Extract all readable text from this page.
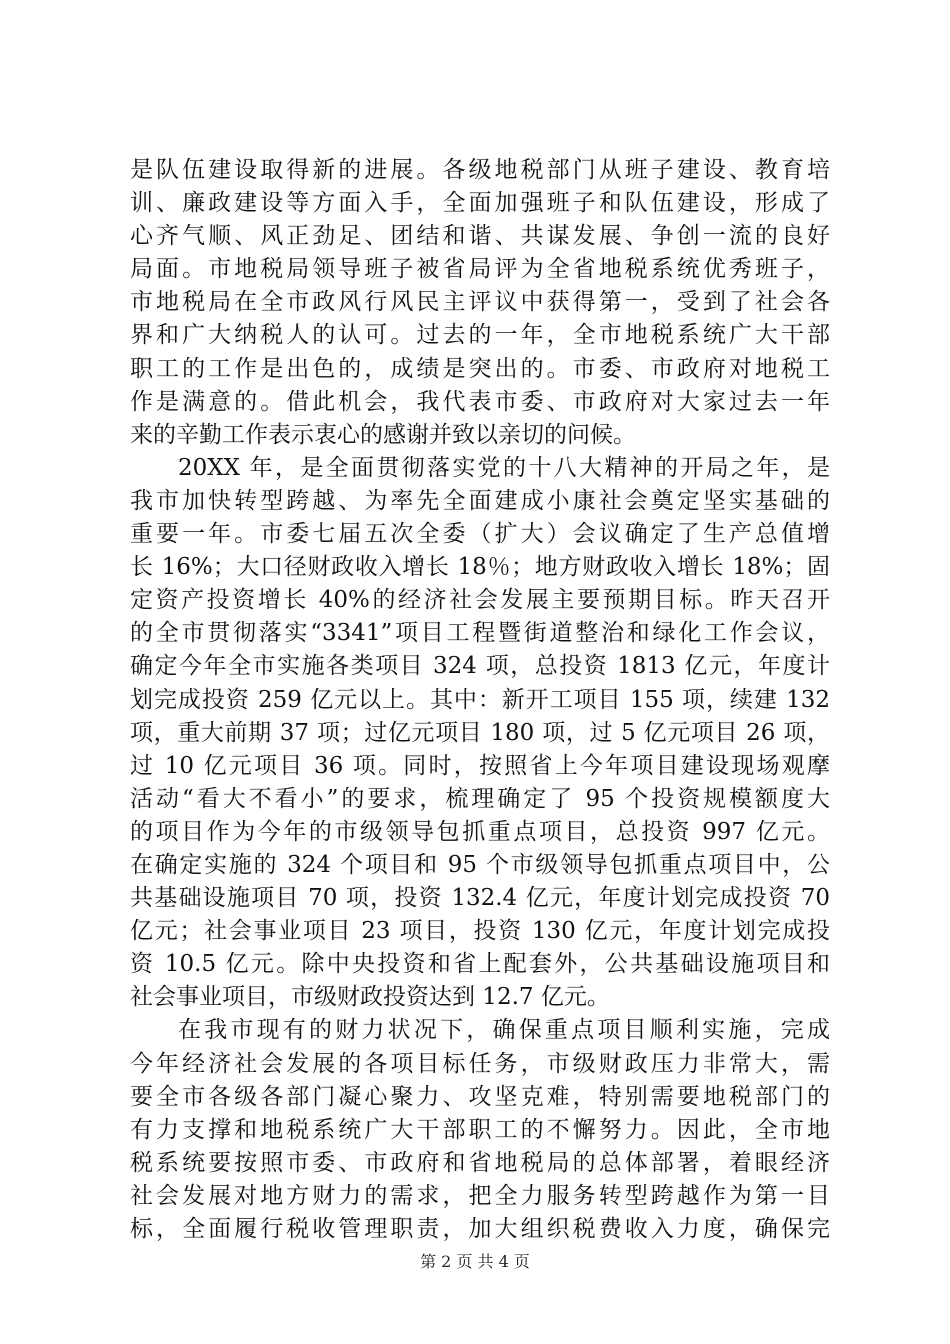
是队伍建设取得新的进展。各级地税部门从班子建设、教育培
训、廉政建设等方面入手，全面加强班子和队伍建设，形成了
心齐气顺、风正劲足、团结和谐、共谋发展、争创一流的良好
局面。市地税局领导班子被省局评为全省地税系统优秀班子，
市地税局在全市政风行风民主评议中获得第一，受到了社会各
界和广大纳税人的认可。过去的一年，全市地税系统广大干部
职工的工作是出色的，成绩是突出的。市委、市政府对地税工
作是满意的。借此机会，我代表市委、市政府对大家过去一年
来的辛勤工作表示衷心的感谢并致以亲切的问候。
20XX 年，是全面贯彻落实党的十八大精神的开局之年，是
我市加快转型跨越、为率先全面建成小康社会奠定坚实基础的
重要一年。市委七届五次全委（扩大）会议确定了生产总值增
长 16%；大口径财政收入增长 18％；地方财政收入增长 18%；固
定资产投资增长 40%的经济社会发展主要预期目标。昨天召开
的全市贯彻落实“3341”项目工程暨街道整治和绿化工作会议，
确定今年全市实施各类项目 324 项，总投资 1813 亿元，年度计
划完成投资 259 亿元以上。其中：新开工项目 155 项，续建 132
项，重大前期 37 项；过亿元项目 180 项，过 5 亿元项目 26 项，
过 10 亿元项目 36 项。同时，按照省上今年项目建设现场观摩
活动“看大不看小”的要求，梳理确定了 95 个投资规模额度大
的项目作为今年的市级领导包抓重点项目，总投资 997 亿元。
在确定实施的 324 个项目和 95 个市级领导包抓重点项目中，公
共基础设施项目 70 项，投资 132.4 亿元，年度计划完成投资 70
亿元；社会事业项目 23 项目，投资 130 亿元，年度计划完成投
资 10.5 亿元。除中央投资和省上配套外，公共基础设施项目和
社会事业项目，市级财政投资达到 12.7 亿元。
在我市现有的财力状况下，确保重点项目顺利实施，完成
今年经济社会发展的各项目标任务，市级财政压力非常大，需
要全市各级各部门凝心聚力、攻坚克难，特别需要地税部门的
有力支撑和地税系统广大干部职工的不懈努力。因此，全市地
税系统要按照市委、市政府和省地税局的总体部署，着眼经济
社会发展对地方财力的需求，把全力服务转型跨越作为第一目
标，全面履行税收管理职责，加大组织税费收入力度，确保完
第 2 页 共 4 页
